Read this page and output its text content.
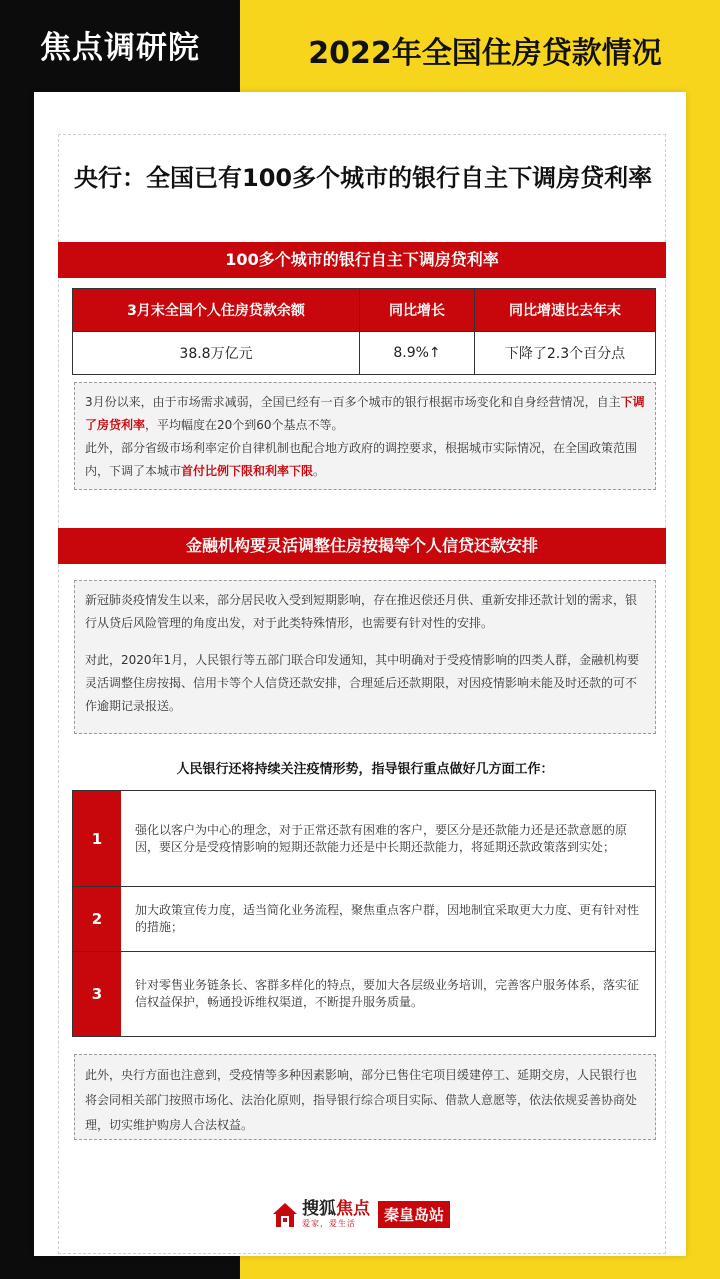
焦点调研院	2022年全国住房贷款情况
央行：全国已有100多个城市的银行自主下调房贷利率
100多个城市的银行自主下调房贷利率
3月末全国个人住房贷款余额	同比增长	同比增速比去年末
38.8万亿元	8.9%↑	下降了2.3个百分点

3月份以来，由于市场需求减弱，全国已经有一百多个城市的银行根据市场变化和自身经营情况，自主下调了房贷利率，平均幅度在20个到60个基点不等。

此外，部分省级市场利率定价自律机制也配合地方政府的调控要求，根据城市实际情况，在全国政策范围内，下调了本城市首付比例下限和利率下限。

金融机构要灵活调整住房按揭等个人信贷还款安排

新冠肺炎疫情发生以来，部分居民收入受到短期影响，存在推迟偿还月供、重新安排还款计划的需求，银行从贷后风险管理的角度出发，对于此类特殊情形，也需要有针对性的安排。

对此，2020年1月，人民银行等五部门联合印发通知，其中明确对于受疫情影响的四类人群，金融机构要灵活调整住房按揭、信用卡等个人信贷还款安排，合理延后还款期限，对因疫情影响未能及时还款的可不作逾期记录报送。

人民银行还将持续关注疫情形势，指导银行重点做好几方面工作：
1	强化以客户为中心的理念，对于正常还款有困难的客户，要区分是还款能力还是还款意愿的原因，要区分是受疫情影响的短期还款能力还是中长期还款能力，将延期还款政策落到实处；
2	加大政策宣传力度，适当简化业务流程，聚焦重点客户群，因地制宜采取更大力度、更有针对性的措施；
3	针对零售业务链条长、客群多样化的特点，要加大各层级业务培训，完善客户服务体系，落实征信权益保护，畅通投诉维权渠道，不断提升服务质量。

此外，央行方面也注意到，受疫情等多种因素影响，部分已售住宅项目缓建停工、延期交房，人民银行也将会同相关部门按照市场化、法治化原则，指导银行综合项目实际、借款人意愿等，依法依规妥善协商处理，切实维护购房人合法权益。

搜狐焦点
爱家，爱生活	秦皇岛站
